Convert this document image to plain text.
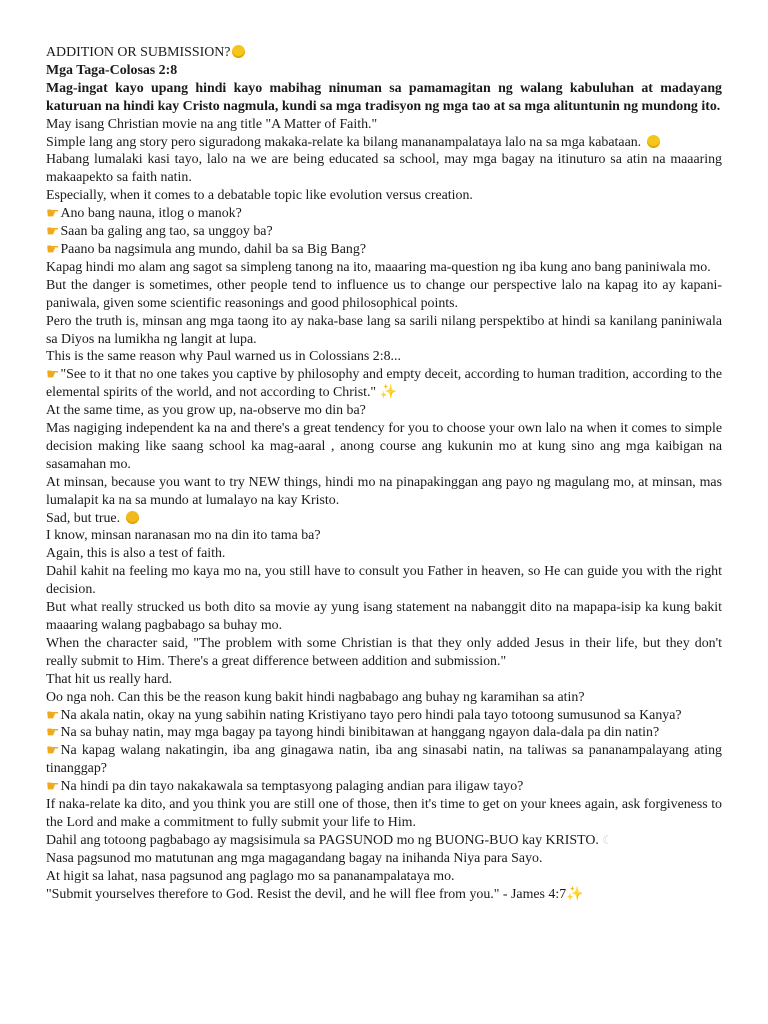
ADDITION OR SUBMISSION?

Mga Taga-Colosas 2:8

Mag-ingat kayo upang hindi kayo mabihag ninuman sa pamamagitan ng walang kabuluhan at madayang katuruan na hindi kay Cristo nagmula, kundi sa mga tradisyon ng mga tao at sa mga alituntunin ng mundong ito.

May isang Christian movie na ang title "A Matter of Faith."

Simple lang ang story pero siguradong makaka-relate ka bilang mananampalataya lalo na sa mga kabataan.

Habang lumalaki kasi tayo, lalo na we are being educated sa school, may mga bagay na itinuturo sa atin na maaaring makaapekto sa faith natin.

Especially, when it comes to a debatable topic like evolution versus creation.

☛Ano bang nauna, itlog o manok?

☛Saan ba galing ang tao, sa unggoy ba?

☛Paano ba nagsimula ang mundo, dahil ba sa Big Bang?

Kapag hindi mo alam ang sagot sa simpleng tanong na ito, maaaring ma-question ng iba kung ano bang paniniwala mo.

But the danger is sometimes, other people tend to influence us to change our perspective lalo na kapag ito ay kapani-paniwala, given some scientific reasonings and good philosophical points.

Pero the truth is, minsan ang mga taong ito ay naka-base lang sa sarili nilang perspektibo at hindi sa kanilang paniniwala sa Diyos na lumikha ng langit at lupa.

This is the same reason why Paul warned us in Colossians 2:8...

☛"See to it that no one takes you captive by philosophy and empty deceit, according to human tradition, according to the elemental spirits of the world, and not according to Christ." ✨

At the same time, as you grow up, na-observe mo din ba?

Mas nagiging independent ka na and there's a great tendency for you to choose your own lalo na when it comes to simple decision making like saang school ka mag-aaral , anong course ang kukunin mo at kung sino ang mga kaibigan na sasamahan mo.

At minsan, because you want to try NEW things, hindi mo na pinapakinggan ang payo ng magulang mo, at minsan, mas lumalapit ka na sa mundo at lumalayo na kay Kristo.

Sad, but true.

I know, minsan naranasan mo na din ito tama ba?

Again, this is also a test of faith.

Dahil kahit na feeling mo kaya mo na, you still have to consult you Father in heaven, so He can guide you with the right decision.

But what really strucked us both dito sa movie ay yung isang statement na nabanggit dito na mapapa-isip ka kung bakit maaaring walang pagbabago sa buhay mo.

When the character said, "The problem with some Christian is that they only added Jesus in their life, but they don't really submit to Him. There's a great difference between addition and submission."

That hit us really hard.

Oo nga noh. Can this be the reason kung bakit hindi nagbabago ang buhay ng karamihan sa atin?

☛Na akala natin, okay na yung sabihin nating Kristiyano tayo pero hindi pala tayo totoong sumusunod sa Kanya?

☛Na sa buhay natin, may mga bagay pa tayong hindi binibitawan at hanggang ngayon dala-dala pa din natin?

☛Na kapag walang nakatingin, iba ang ginagawa natin, iba ang sinasabi natin, na taliwas sa pananampalayang ating tinanggap?

☛Na hindi pa din tayo nakakawala sa temptasyong palaging andian para iligaw tayo?

If naka-relate ka dito, and you think you are still one of those, then it's time to get on your knees again, ask forgiveness to the Lord and make a commitment to fully submit your life to Him.

Dahil ang totoong pagbabago ay magsisimula sa PAGSUNOD mo ng BUONG-BUO kay KRISTO. ☾

Nasa pagsunod mo matutunan ang mga magagandang bagay na inihanda Niya para Sayo.

At higit sa lahat, nasa pagsunod ang paglago mo sa pananampalataya mo.

"Submit yourselves therefore to God. Resist the devil, and he will flee from you." - James 4:7✨
